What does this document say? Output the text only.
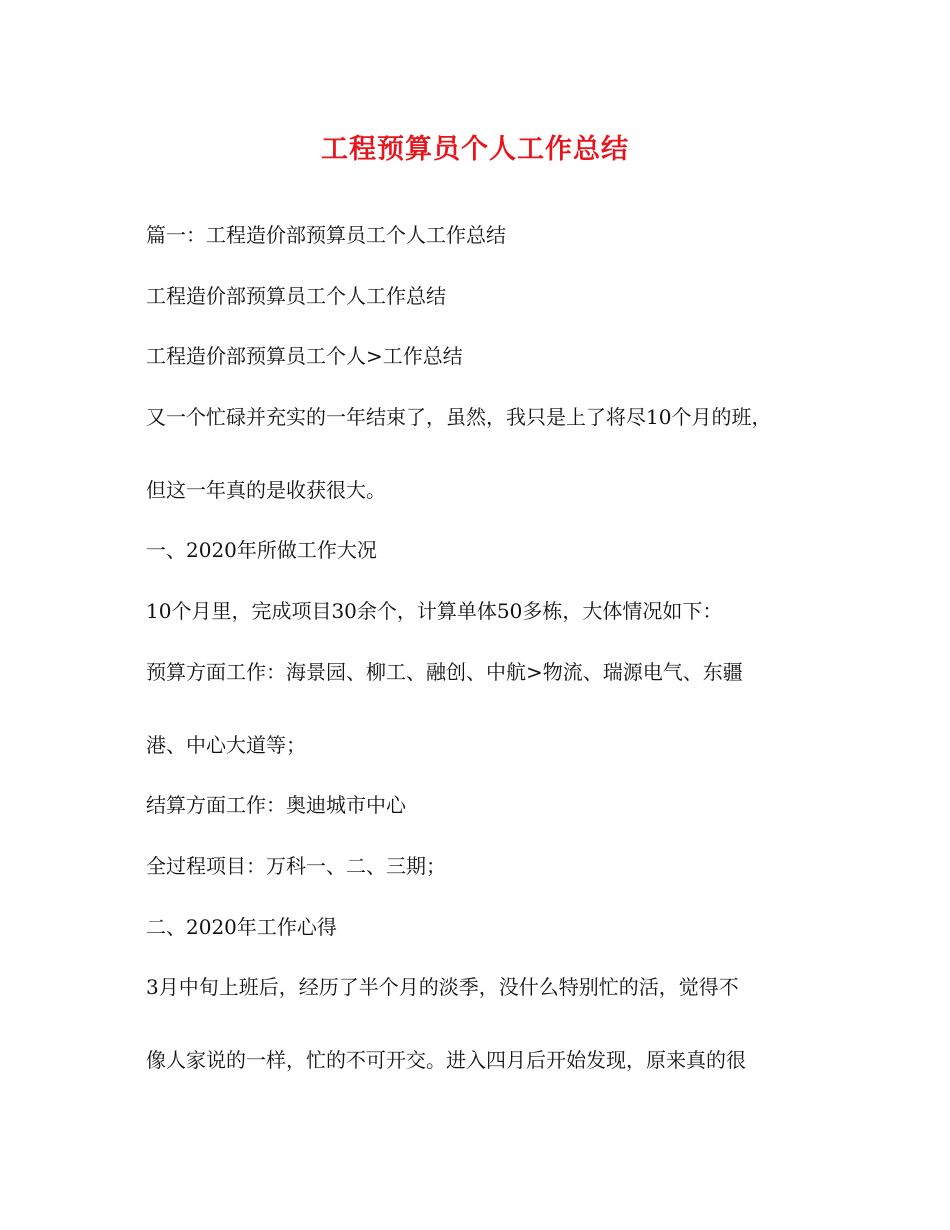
工程预算员个人工作总结

篇一：工程造价部预算员工个人工作总结

工程造价部预算员工个人工作总结

工程造价部预算员工个人>工作总结

又一个忙碌并充实的一年结束了，虽然，我只是上了将尽10个月的班，

但这一年真的是收获很大。

一、2020年所做工作大况

10个月里，完成项目30余个，计算单体50多栋，大体情况如下：

预算方面工作：海景园、柳工、融创、中航>物流、瑞源电气、东疆

港、中心大道等；

结算方面工作：奥迪城市中心

全过程项目：万科一、二、三期；

二、2020年工作心得

3月中旬上班后，经历了半个月的淡季，没什么特别忙的活，觉得不

像人家说的一样，忙的不可开交。进入四月后开始发现，原来真的很
